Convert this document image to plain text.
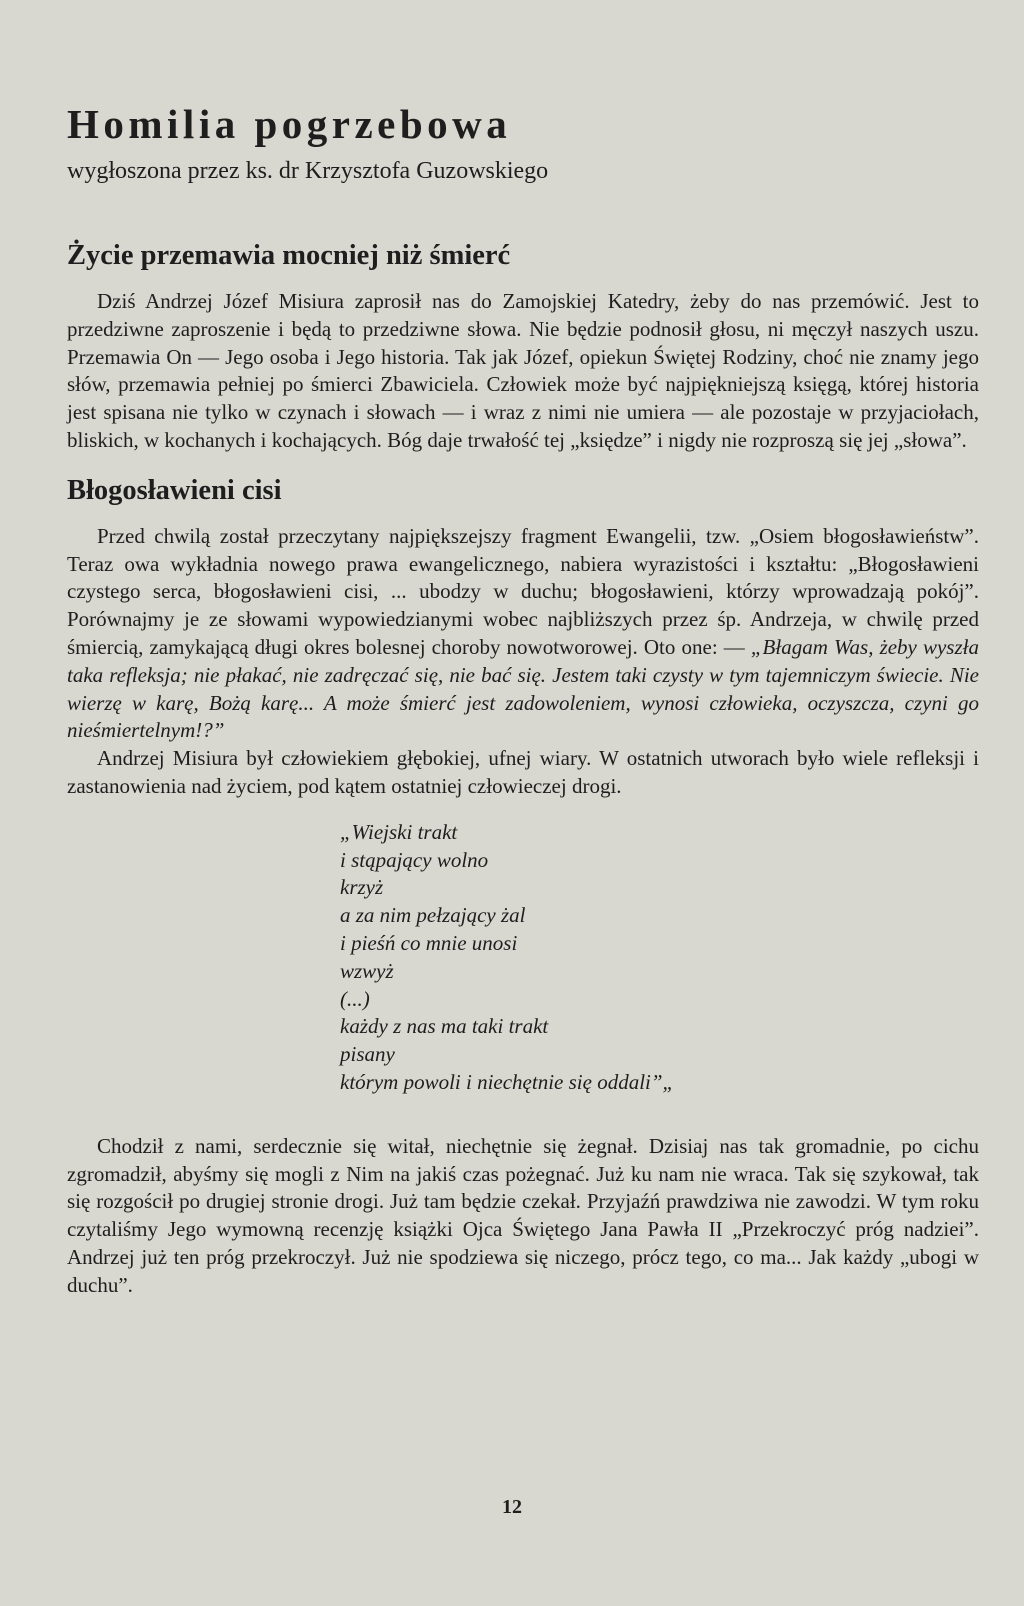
Homilia pogrzebowa
wygłoszona przez ks. dr Krzysztofa Guzowskiego
Życie przemawia mocniej niż śmierć

Dziś Andrzej Józef Misiura zaprosił nas do Zamojskiej Katedry, żeby do nas przemówić. Jest to przedziwne zaproszenie i będą to przedziwne słowa. Nie będzie podnosił głosu, ni męczył naszych uszu. Przemawia On — Jego osoba i Jego historia. Tak jak Józef, opiekun Świętej Rodziny, choć nie znamy jego słów, przemawia pełniej po śmierci Zbawiciela. Człowiek może być najpiękniejszą księgą, której historia jest spisana nie tylko w czynach i słowach — i wraz z nimi nie umiera — ale pozostaje w przyjaciołach, bliskich, w kochanych i kochających. Bóg daje trwałość tej „księdze” i nigdy nie rozproszą się jej „słowa”.

Błogosławieni cisi

Przed chwilą został przeczytany najpiększejszy fragment Ewangelii, tzw. „Osiem błogosławieństw”. Teraz owa wykładnia nowego prawa ewangelicznego, nabiera wyrazistości i kształtu: „Błogosławieni czystego serca, błogosławieni cisi, ... ubodzy w duchu; błogosławieni, którzy wprowadzają pokój”. Porównajmy je ze słowami wypowiedzianymi wobec najbliższych przez śp. Andrzeja, w chwilę przed śmiercią, zamykającą długi okres bolesnej choroby nowotworowej. Oto one: — „Błagam Was, żeby wyszła taka refleksja; nie płakać, nie zadręczać się, nie bać się. Jestem taki czysty w tym tajemniczym świecie. Nie wierzę w karę, Bożą karę... A może śmierć jest zadowoleniem, wynosi człowieka, oczyszcza, czyni go nieśmiertelnym!?”

Andrzej Misiura był człowiekiem głębokiej, ufnej wiary. W ostatnich utworach było wiele refleksji i zastanowienia nad życiem, pod kątem ostatniej człowieczej drogi.

„Wiejski trakt
i stąpający wolno
krzyż
a za nim pełzający żal
i pieśń co mnie unosi
wzwyż
(...)
każdy z nas ma taki trakt
pisany
którym powoli i niechętnie się oddali”„

Chodził z nami, serdecznie się witał, niechętnie się żegnał. Dzisiaj nas tak gromadnie, po cichu zgromadził, abyśmy się mogli z Nim na jakiś czas pożegnać. Już ku nam nie wraca. Tak się szykował, tak się rozgościł po drugiej stronie drogi. Już tam będzie czekał. Przyjaźń prawdziwa nie zawodzi. W tym roku czytaliśmy Jego wymowną recenzję książki Ojca Świętego Jana Pawła II „Przekroczyć próg nadziei”. Andrzej już ten próg przekroczył. Już nie spodziewa się niczego, prócz tego, co ma... Jak każdy „ubogi w duchu”.

12
